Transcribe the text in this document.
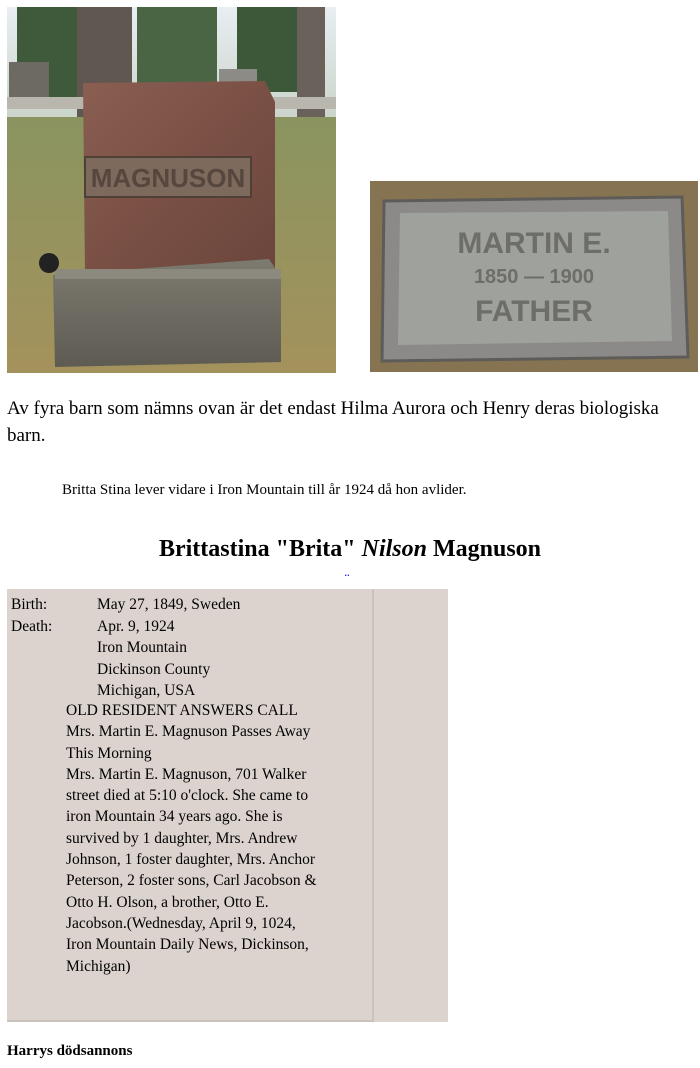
MAGNUSON
MARTIN E.
1850 — 1900
FATHER

Av fyra barn som nämns ovan är det endast Hilma Aurora och Henry deras biologiska barn.

Britta Stina lever vidare i Iron Mountain till år 1924 då hon avlider.

Brittastina "Brita" Nilson Magnuson
Birth:	May 27, 1849, Sweden
Death:	Apr. 9, 1924
Iron Mountain
Dickinson County
Michigan, USA
OLD RESIDENT ANSWERS CALL
Mrs. Martin E. Magnuson Passes Away
This Morning
Mrs. Martin E. Magnuson, 701 Walker
street died at 5:10 o'clock. She came to
iron Mountain 34 years ago. She is
survived by 1 daughter, Mrs. Andrew
Johnson, 1 foster daughter, Mrs. Anchor
Peterson, 2 foster sons, Carl Jacobson &
Otto H. Olson, a brother, Otto E.
Jacobson.(Wednesday, April 9, 1024,
Iron Mountain Daily News, Dickinson,
Michigan)

Harrys dödsannons
